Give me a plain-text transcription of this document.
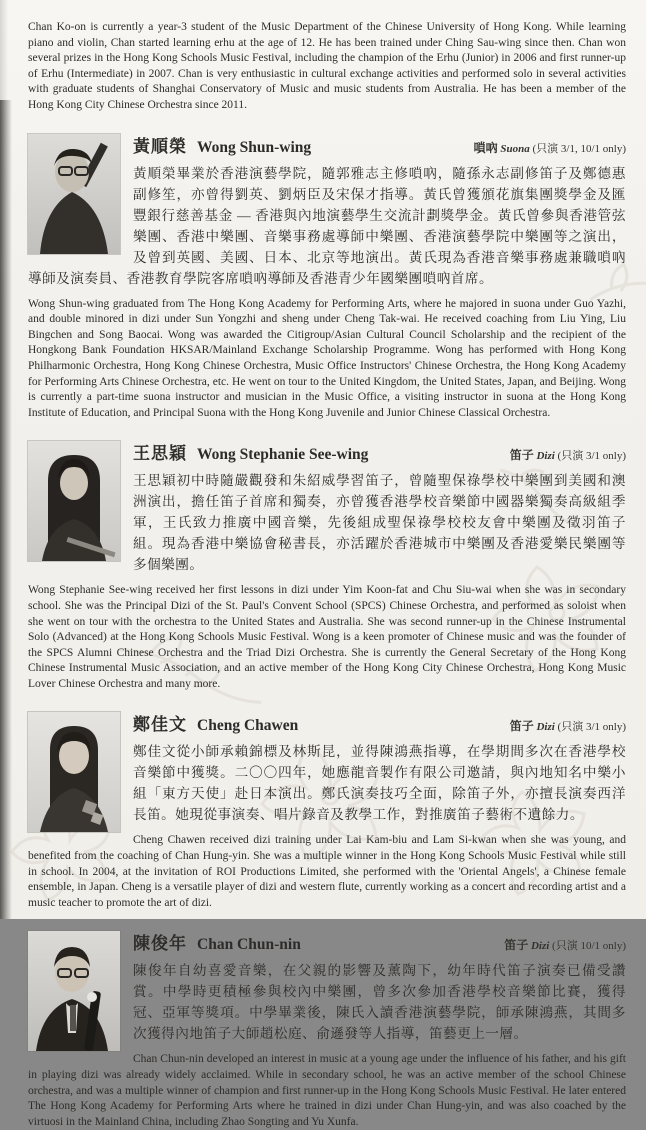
Chan Ko-on is currently a year-3 student of the Music Department of the Chinese University of Hong Kong. While learning piano and violin, Chan started learning erhu at the age of 12. He has been trained under Ching Sau-wing since then. Chan won several prizes in the Hong Kong Schools Music Festival, including the champion of the Erhu (Junior) in 2006 and first runner-up of Erhu (Intermediate) in 2007. Chan is very enthusiastic in cultural exchange activities and performed solo in several activities with graduate students of Shanghai Conservatory of Music and music students from Australia. He has been a member of the Hong Kong City Chinese Orchestra since 2011.

黃順榮 Wong Shun-wing	嗩吶 Suona (只演 3/1, 10/1 only)

黃順榮畢業於香港演藝學院，隨郭雅志主修嗩吶，隨孫永志副修笛子及鄭德惠副修笙，亦曾得劉英、劉炳臣及宋保才指導。黃氏曾獲頒花旗集團獎學金及匯豐銀行慈善基金 — 香港與內地演藝學生交流計劃獎學金。黃氏曾參與香港管弦樂團、香港中樂團、音樂事務處導師中樂團、香港演藝學院中樂團等之演出，及曾到英國、美國、日本、北京等地演出。黃氏現為香港音樂事務處兼職嗩吶導師及演奏員、香港教育學院客席嗩吶導師及香港青少年國樂團嗩吶首席。

Wong Shun-wing graduated from The Hong Kong Academy for Performing Arts, where he majored in suona under Guo Yazhi, and double minored in dizi under Sun Yongzhi and sheng under Cheng Tak-wai. He received coaching from Liu Ying, Liu Bingchen and Song Baocai. Wong was awarded the Citigroup/Asian Cultural Council Scholarship and the recipient of the Hongkong Bank Foundation HKSAR/Mainland Exchange Scholarship Programme. Wong has performed with Hong Kong Philharmonic Orchestra, Hong Kong Chinese Orchestra, Music Office Instructors' Chinese Orchestra, the Hong Kong Academy for Performing Arts Chinese Orchestra, etc. He went on tour to the United Kingdom, the United States, Japan, and Beijing. Wong is currently a part-time suona instructor and musician in the Music Office, a visiting instructor in suona at the Hong Kong Institute of Education, and Principal Suona with the Hong Kong Juvenile and Junior Chinese Classical Orchestra.

王思穎 Wong Stephanie See-wing	笛子 Dizi (只演 3/1 only)

王思穎初中時隨嚴觀發和朱紹威學習笛子，曾隨聖保祿學校中樂團到美國和澳洲演出，擔任笛子首席和獨奏，亦曾獲香港學校音樂節中國器樂獨奏高級組季軍，王氏致力推廣中國音樂，先後組成聖保祿學校校友會中樂團及徵羽笛子組。現為香港中樂協會秘書長，亦活躍於香港城市中樂團及香港愛樂民樂團等多個樂團。

Wong Stephanie See-wing received her first lessons in dizi under Yim Koon-fat and Chu Siu-wai when she was in secondary school. She was the Principal Dizi of the St. Paul's Convent School (SPCS) Chinese Orchestra, and performed as soloist when she went on tour with the orchestra to the United States and Australia. She was second runner-up in the Chinese Instrumental Solo (Advanced) at the Hong Kong Schools Music Festival. Wong is a keen promoter of Chinese music and was the founder of the SPCS Alumni Chinese Orchestra and the Triad Dizi Orchestra. She is currently the General Secretary of the Hong Kong Chinese Instrumental Music Association, and an active member of the Hong Kong City Chinese Orchestra, Hong Kong Music Lover Chinese Orchestra and many more.

鄭佳文 Cheng Chawen	笛子 Dizi (只演 3/1 only)

鄭佳文從小師承賴錦標及林斯昆，並得陳鴻燕指導，在學期間多次在香港學校音樂節中獲獎。二〇〇四年，她應龍音製作有限公司邀請，與內地知名中樂小組「東方天使」赴日本演出。鄭氏演奏技巧全面，除笛子外，亦擅長演奏西洋長笛。她現從事演奏、唱片錄音及教學工作，對推廣笛子藝術不遺餘力。

Cheng Chawen received dizi training under Lai Kam-biu and Lam Si-kwan when she was young, and benefited from the coaching of Chan Hung-yin. She was a multiple winner in the Hong Kong Schools Music Festival while still in school. In 2004, at the invitation of ROI Productions Limited, she performed with the 'Oriental Angels', a Chinese female ensemble, in Japan. Cheng is a versatile player of dizi and western flute, currently working as a concert and recording artist and a music teacher to promote the art of dizi.

陳俊年 Chan Chun-nin	笛子 Dizi (只演 10/1 only)

陳俊年自幼喜愛音樂，在父親的影響及薰陶下，幼年時代笛子演奏已備受讚賞。中學時更積極參與校內中樂團，曾多次參加香港學校音樂節比賽，獲得冠、亞軍等獎項。中學畢業後，陳氏入讀香港演藝學院，師承陳鴻燕，其間多次獲得內地笛子大師趙松庭、俞遜發等人指導，笛藝更上一層。

Chan Chun-nin developed an interest in music at a young age under the influence of his father, and his gift in playing dizi was already widely acclaimed. While in secondary school, he was an active member of the school Chinese orchestra, and was a multiple winner of champion and first runner-up in the Hong Kong Schools Music Festival. He later entered The Hong Kong Academy for Performing Arts where he trained in dizi under Chan Hung-yin, and was also coached by the virtuosi in the Mainland China, including Zhao Songting and Yu Xunfa.
